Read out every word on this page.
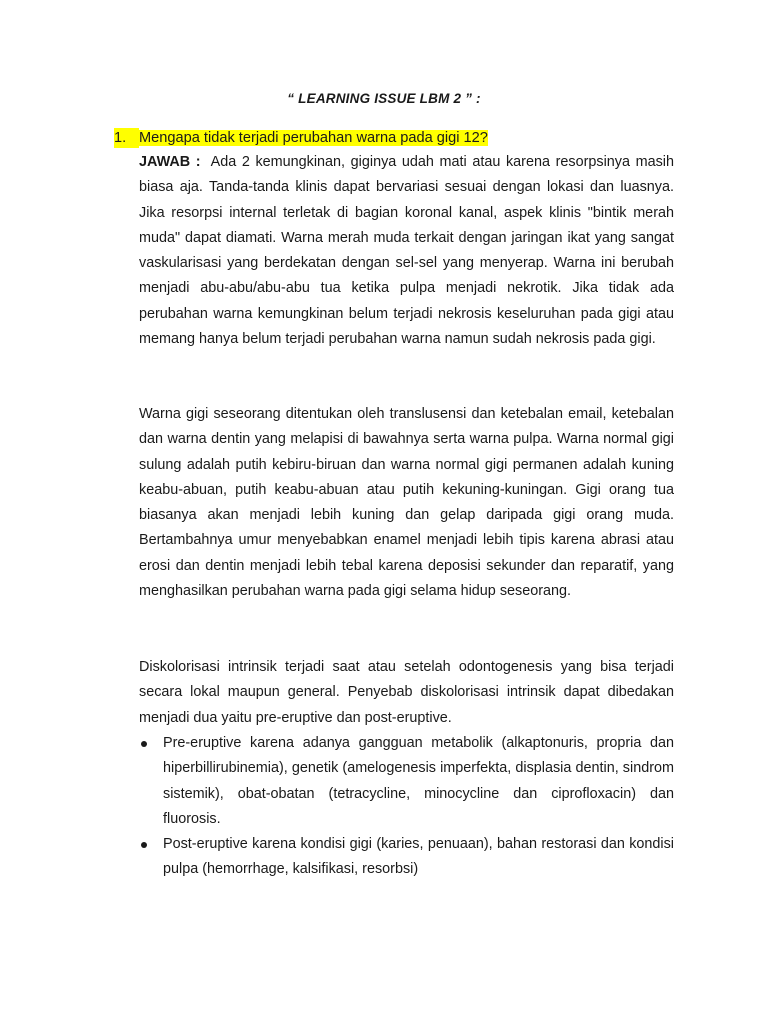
“ LEARNING ISSUE LBM 2 ” :
1. Mengapa tidak terjadi perubahan warna pada gigi 12?

JAWAB : Ada 2 kemungkinan, giginya udah mati atau karena resorpsinya masih biasa aja. Tanda-tanda klinis dapat bervariasi sesuai dengan lokasi dan luasnya. Jika resorpsi internal terletak di bagian koronal kanal, aspek klinis "bintik merah muda" dapat diamati. Warna merah muda terkait dengan jaringan ikat yang sangat vaskularisasi yang berdekatan dengan sel-sel yang menyerap. Warna ini berubah menjadi abu-abu/abu-abu tua ketika pulpa menjadi nekrotik. Jika tidak ada perubahan warna kemungkinan belum terjadi nekrosis keseluruhan pada gigi atau memang hanya belum terjadi perubahan warna namun sudah nekrosis pada gigi.

Warna gigi seseorang ditentukan oleh translusensi dan ketebalan email, ketebalan dan warna dentin yang melapisi di bawahnya serta warna pulpa. Warna normal gigi sulung adalah putih kebiru-biruan dan warna normal gigi permanen adalah kuning keabu-abuan, putih keabu-abuan atau putih kekuning-kuningan. Gigi orang tua biasanya akan menjadi lebih kuning dan gelap daripada gigi orang muda. Bertambahnya umur menyebabkan enamel menjadi lebih tipis karena abrasi atau erosi dan dentin menjadi lebih tebal karena deposisi sekunder dan reparatif, yang menghasilkan perubahan warna pada gigi selama hidup seseorang.

Diskolorisasi intrinsik terjadi saat atau setelah odontogenesis yang bisa terjadi secara lokal maupun general. Penyebab diskolorisasi intrinsik dapat dibedakan menjadi dua yaitu pre-eruptive dan post-eruptive.

Pre-eruptive karena adanya gangguan metabolik (alkaptonuris, propria dan hiperbillirubinemia), genetik (amelogenesis imperfekta, displasia dentin, sindrom sistemik), obat-obatan (tetracycline, minocycline dan ciprofloxacin) dan fluorosis.
Post-eruptive karena kondisi gigi (karies, penuaan), bahan restorasi dan kondisi pulpa (hemorrhage, kalsifikasi, resorbsi)
